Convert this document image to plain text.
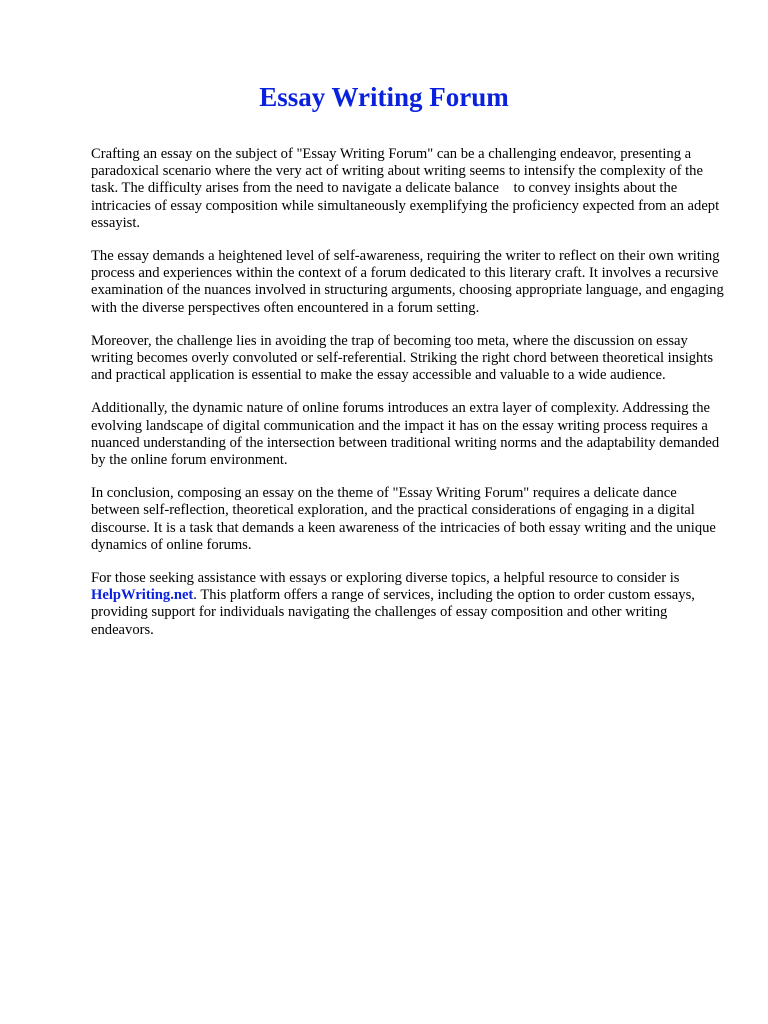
Essay Writing Forum

Crafting an essay on the subject of "Essay Writing Forum" can be a challenging endeavor, presenting a paradoxical scenario where the very act of writing about writing seems to intensify the complexity of the task. The difficulty arises from the need to navigate a delicate balance    to convey insights about the intricacies of essay composition while simultaneously exemplifying the proficiency expected from an adept essayist.

The essay demands a heightened level of self-awareness, requiring the writer to reflect on their own writing process and experiences within the context of a forum dedicated to this literary craft. It involves a recursive examination of the nuances involved in structuring arguments, choosing appropriate language, and engaging with the diverse perspectives often encountered in a forum setting.

Moreover, the challenge lies in avoiding the trap of becoming too meta, where the discussion on essay writing becomes overly convoluted or self-referential. Striking the right chord between theoretical insights and practical application is essential to make the essay accessible and valuable to a wide audience.

Additionally, the dynamic nature of online forums introduces an extra layer of complexity. Addressing the evolving landscape of digital communication and the impact it has on the essay writing process requires a nuanced understanding of the intersection between traditional writing norms and the adaptability demanded by the online forum environment.

In conclusion, composing an essay on the theme of "Essay Writing Forum" requires a delicate dance between self-reflection, theoretical exploration, and the practical considerations of engaging in a digital discourse. It is a task that demands a keen awareness of the intricacies of both essay writing and the unique dynamics of online forums.

For those seeking assistance with essays or exploring diverse topics, a helpful resource to consider is HelpWriting.net. This platform offers a range of services, including the option to order custom essays, providing support for individuals navigating the challenges of essay composition and other writing endeavors.
